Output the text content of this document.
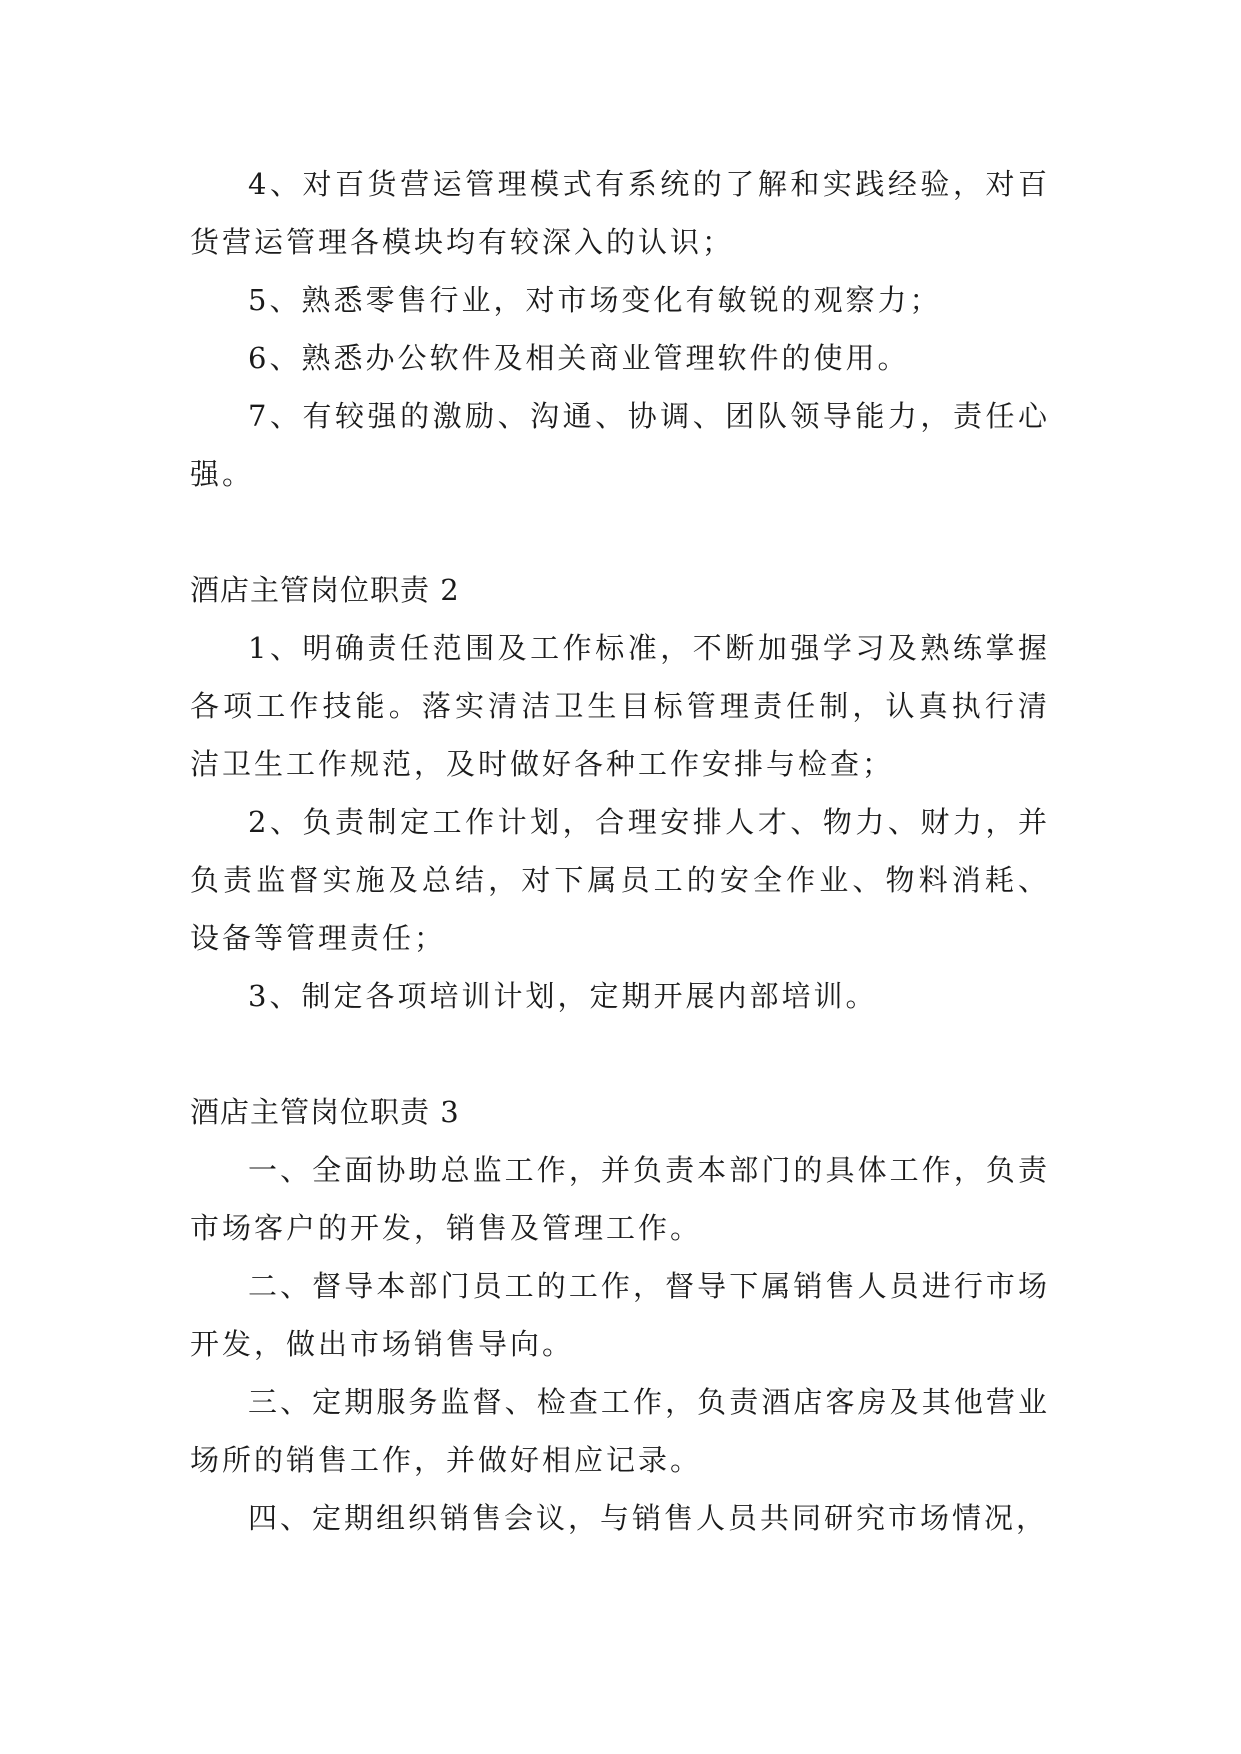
4、对百货营运管理模式有系统的了解和实践经验，对百货营运管理各模块均有较深入的认识；

5、熟悉零售行业，对市场变化有敏锐的观察力；

6、熟悉办公软件及相关商业管理软件的使用。

7、有较强的激励、沟通、协调、团队领导能力，责任心强。

酒店主管岗位职责 2

1、明确责任范围及工作标准，不断加强学习及熟练掌握各项工作技能。落实清洁卫生目标管理责任制，认真执行清洁卫生工作规范，及时做好各种工作安排与检查；

2、负责制定工作计划，合理安排人才、物力、财力，并负责监督实施及总结，对下属员工的安全作业、物料消耗、设备等管理责任；

3、制定各项培训计划，定期开展内部培训。

酒店主管岗位职责 3

一、全面协助总监工作，并负责本部门的具体工作，负责市场客户的开发，销售及管理工作。

二、督导本部门员工的工作，督导下属销售人员进行市场开发，做出市场销售导向。

三、定期服务监督、检查工作，负责酒店客房及其他营业场所的销售工作，并做好相应记录。

四、定期组织销售会议，与销售人员共同研究市场情况，
